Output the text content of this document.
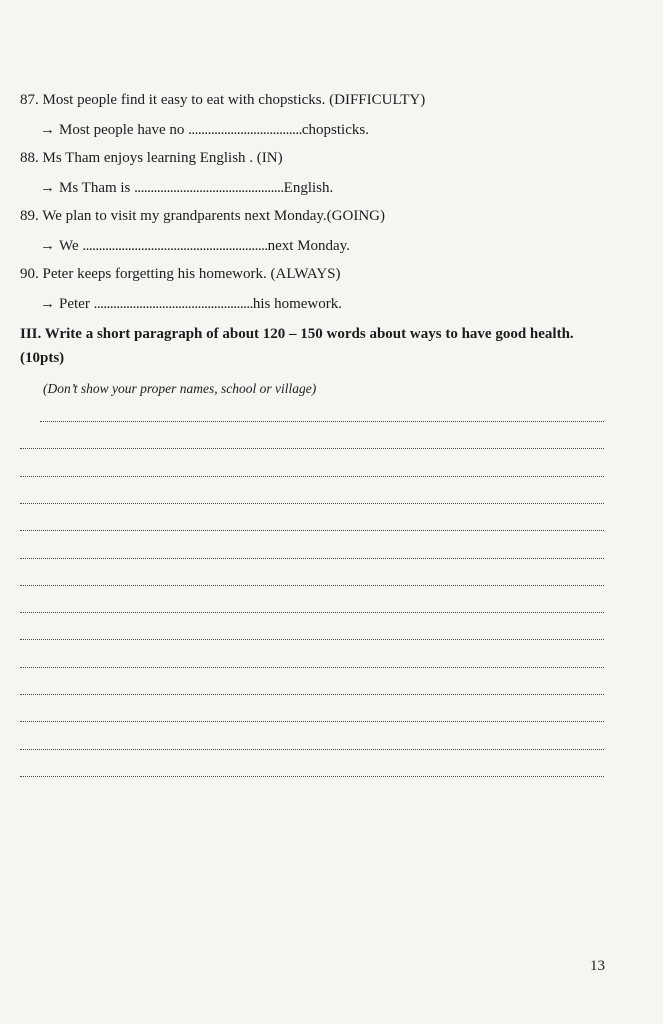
87. Most people find it easy to eat with chopsticks. (DIFFICULTY)
→ Most people have no ...................................chopsticks.
88. Ms Tham enjoys learning English . (IN)
→ Ms Tham is ..............................................English.
89. We plan to visit my grandparents next Monday.(GOING)
→ We .........................................................next Monday.
90. Peter keeps forgetting his homework. (ALWAYS)
→ Peter .................................................his homework.
III. Write a short paragraph of about 120 – 150 words about ways to have good health. (10pts)
(Don’t show your proper names, school or village)
13
